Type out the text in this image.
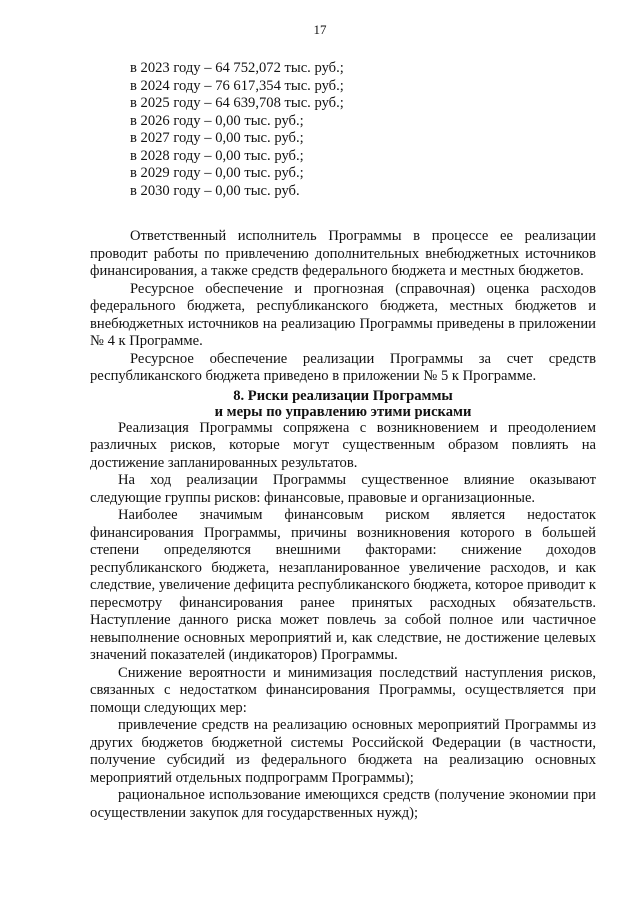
17
в 2023 году – 64 752,072 тыс. руб.;
в 2024 году – 76 617,354 тыс. руб.;
в 2025 году – 64 639,708 тыс. руб.;
в 2026 году – 0,00 тыс. руб.;
в 2027 году – 0,00 тыс. руб.;
в 2028 году – 0,00 тыс. руб.;
в 2029 году – 0,00 тыс. руб.;
в 2030 году – 0,00 тыс. руб.

Ответственный исполнитель Программы в процессе ее реализации проводит работы по привлечению дополнительных внебюджетных источников финансирования, а также средств федерального бюджета и местных бюджетов.

Ресурсное обеспечение и прогнозная (справочная) оценка расходов федерального бюджета, республиканского бюджета, местных бюджетов и внебюджетных источников на реализацию Программы приведены в приложении № 4 к Программе.

Ресурсное обеспечение реализации Программы за счет средств республиканского бюджета приведено в приложении № 5 к Программе.

8. Риски реализации Программы
и меры по управлению этими рисками

Реализация Программы сопряжена с возникновением и преодолением различных рисков, которые могут существенным образом повлиять на достижение запланированных результатов.

На ход реализации Программы существенное влияние оказывают следующие группы рисков: финансовые, правовые и организационные.

Наиболее значимым финансовым риском является недостаток финансирования Программы, причины возникновения которого в большей степени определяются внешними факторами: снижение доходов республиканского бюджета, незапланированное увеличение расходов, и как следствие, увеличение дефицита республиканского бюджета, которое приводит к пересмотру финансирования ранее принятых расходных обязательств. Наступление данного риска может повлечь за собой полное или частичное невыполнение основных мероприятий и, как следствие, не достижение целевых значений показателей (индикаторов) Программы.

Снижение вероятности и минимизация последствий наступления рисков, связанных с недостатком финансирования Программы, осуществляется при помощи следующих мер:

привлечение средств на реализацию основных мероприятий Программы из других бюджетов бюджетной системы Российской Федерации (в частности, получение субсидий из федерального бюджета на реализацию основных мероприятий отдельных подпрограмм Программы);

рациональное использование имеющихся средств (получение экономии при осуществлении закупок для государственных нужд);
